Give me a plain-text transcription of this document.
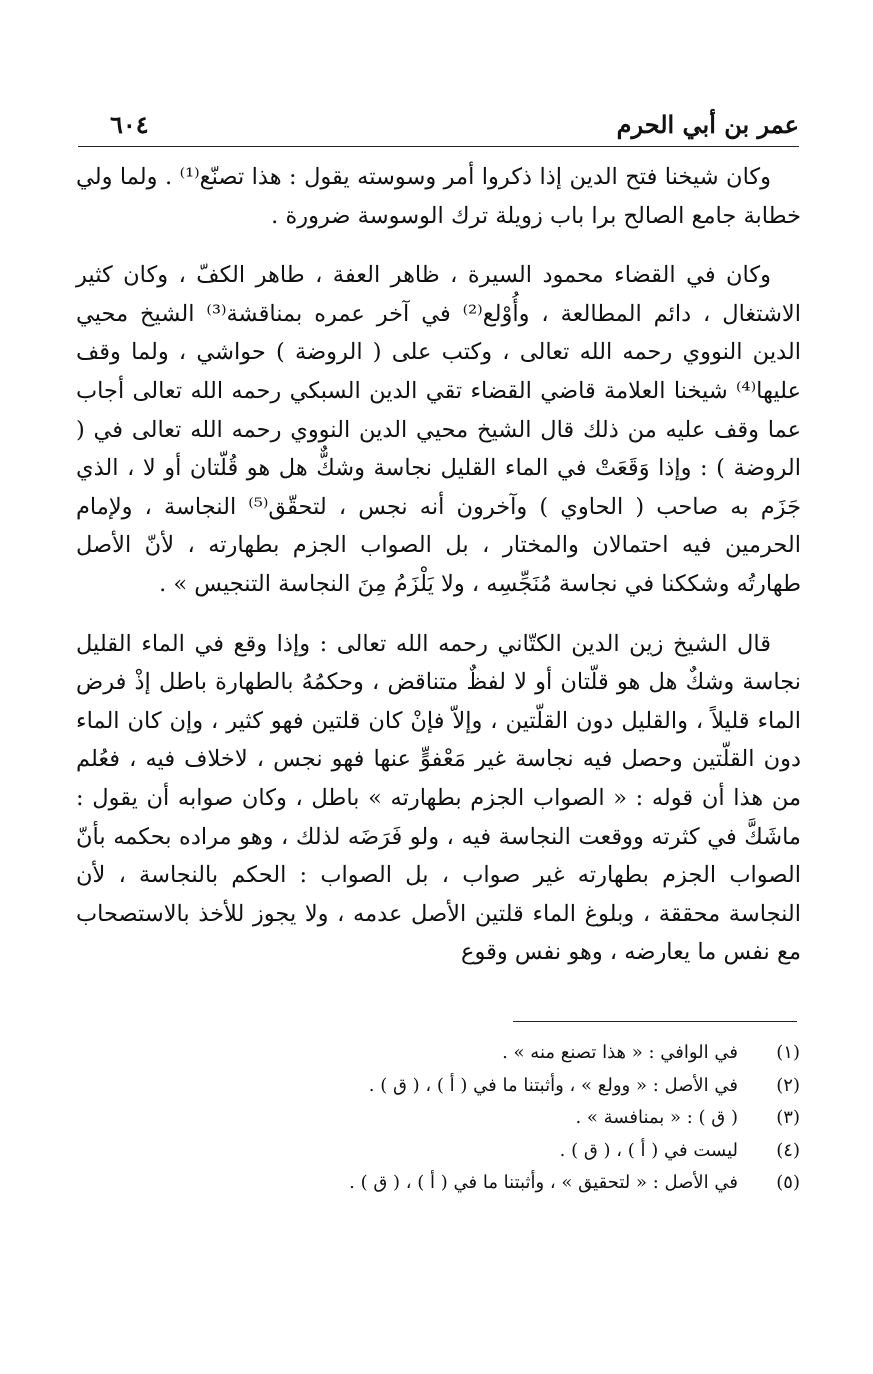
عمر بن أبي الحرم
٦٠٤

وكان شيخنا فتح الدين إذا ذكروا أمر وسوسته يقول : هذا تصنّع⁽¹⁾ . ولما ولي خطابة جامع الصالح برا باب زويلة ترك الوسوسة ضرورة .

وكان في القضاء محمود السيرة ، ظاهر العفة ، طاهر الكفّ ، وكان كثير الاشتغال ، دائم المطالعة ، وأُوْلع⁽²⁾ في آخر عمره بمناقشة⁽³⁾ الشيخ محيي الدين النووي رحمه الله تعالى ، وكتب على ( الروضة ) حواشي ، ولما وقف عليها⁽⁴⁾ شيخنا العلامة قاضي القضاء تقي الدين السبكي رحمه الله تعالى أجاب عما وقف عليه من ذلك قال الشيخ محيي الدين النووي رحمه الله تعالى في ( الروضة ) : وإذا وَقَعَتْ في الماء القليل نجاسة وشكٌّ هل هو قُلّتان أو لا ، الذي جَزَم به صاحب ( الحاوي ) وآخرون أنه نجس ، لتحقّق⁽⁵⁾ النجاسة ، ولإمام الحرمين فيه احتمالان والمختار ، بل الصواب الجزم بطهارته ، لأنّ الأصل طهارتُه وشككنا في نجاسة مُنَجِّسِه ، ولا يَلْزَمُ مِنَ النجاسة التنجيس » .

قال الشيخ زين الدين الكتّاني رحمه الله تعالى : وإذا وقع في الماء القليل نجاسة وشكٌ هل هو قلّتان أو لا لفظٌ متناقض ، وحكمُهُ بالطهارة باطل إذْ فرض الماء قليلاً ، والقليل دون القلّتين ، وإلاّ فإنْ كان قلتين فهو كثير ، وإن كان الماء دون القلّتين وحصل فيه نجاسة غير مَعْفوٍّ عنها فهو نجس ، لاخلاف فيه ، فعُلم من هذا أن قوله : « الصواب الجزم بطهارته » باطل ، وكان صوابه أن يقول : ماشَكَّ في كثرته ووقعت النجاسة فيه ، ولو فَرَضَه لذلك ، وهو مراده بحكمه بأنّ الصواب الجزم بطهارته غير صواب ، بل الصواب : الحكم بالنجاسة ، لأن النجاسة محققة ، وبلوغ الماء قلتين الأصل عدمه ، ولا يجوز للأخذ بالاستصحاب مع نفس ما يعارضه ، وهو نفس وقوع

(١)
في الوافي : « هذا تصنع منه » .
(٢)
في الأصل : « وولع » ، وأثبتنا ما في ( أ ) ، ( ق ) .
(٣)
( ق ) : « بمنافسة » .
(٤)
ليست في ( أ ) ، ( ق ) .
(٥)
في الأصل : « لتحقيق » ، وأثبتنا ما في ( أ ) ، ( ق ) .
